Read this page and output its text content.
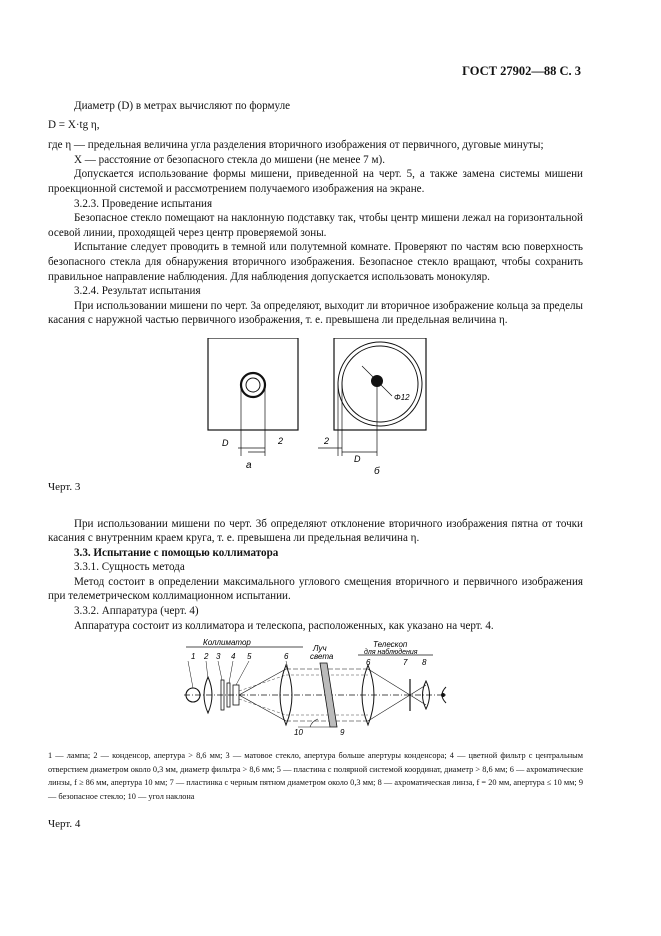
ГОСТ 27902—88 С. 3

Диаметр (D) в метрах вычисляют по формуле

D = X·tg η,

где η — предельная величина угла разделения вторичного изображения от первичного, дуговые минуты;

X — расстояние от безопасного стекла до мишени (не менее 7 м).

Допускается использование формы мишени, приведенной на черт. 5, а также замена системы мишени проекционной системой и рассмотрением получаемого изображения на экране.

3.2.3. Проведение испытания

Безопасное стекло помещают на наклонную подставку так, чтобы центр мишени лежал на горизонтальной осевой линии, проходящей через центр проверяемой зоны.

Испытание следует проводить в темной или полутемной комнате. Проверяют по частям всю поверхность безопасного стекла для обнаружения вторичного изображения. Безопасное стекло вращают, чтобы сохранить правильное направление наблюдения. Для наблюдения допускается использовать монокуляр.

3.2.4. Результат испытания

При использовании мишени по черт. 3а определяют, выходит ли вторичное изображение кольца за пределы касания с наружной частью первичного изображения, т. е. превышена ли предельная величина η.

D	2
а
Φ12
2
D
б

Черт. 3

При использовании мишени по черт. 3б определяют отклонение вторичного изображения пятна от точки касания с внутренним краем круга, т. е. превышена ли предельная величина η.

3.3. Испытание с помощью коллиматора

3.3.1. Сущность метода

Метод состоит в определении максимального углового смещения вторичного и первичного изображения при телеметрическом коллимационном испытании.

3.3.2. Аппаратура (черт. 4)

Аппаратура состоит из коллиматора и телескопа, расположенных, как указано на черт. 4.

Коллиматор	Телескоп
для наблюдения
Луч
света
1 2 3 4 5	6
6	7 8
10	9

1 — лампа; 2 — конденсор, апертура > 8,6 мм; 3 — матовое стекло, апертура больше апертуры конденсора; 4 — цветной фильтр с центральным отверстием диаметром около 0,3 мм, диаметр фильтра > 8,6 мм; 5 — пластина с полярной системой координат, диаметр > 8,6 мм; 6 — ахроматические линзы, f ≥ 86 мм, апертура 10 мм; 7 — пластинка с черным пятном диаметром около 0,3 мм; 8 — ахроматическая линза, f = 20 мм, апертура ≤ 10 мм; 9 — безопасное стекло; 10 — угол наклона

Черт. 4
